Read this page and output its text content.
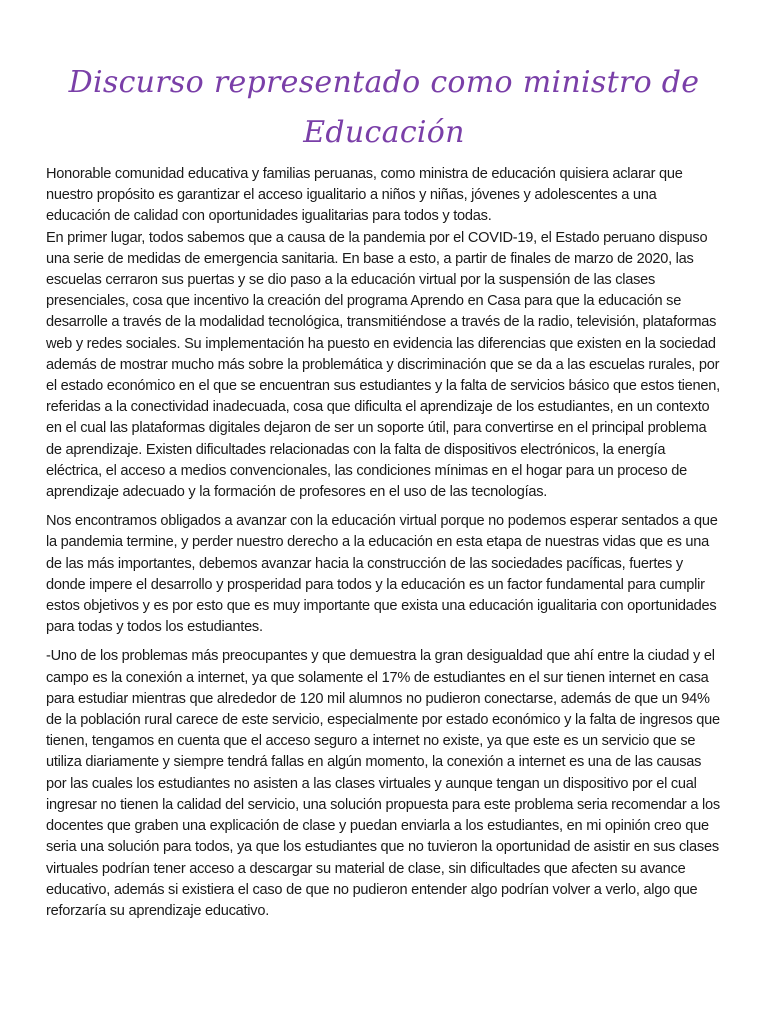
Discurso representado como ministro de
Educación

Honorable comunidad educativa y familias peruanas, como ministra de educación quisiera aclarar que nuestro propósito es garantizar el acceso igualitario a niños y niñas, jóvenes y adolescentes a una educación de calidad con oportunidades igualitarias para todos y todas.

En primer lugar, todos sabemos que a causa de la pandemia por el COVID-19, el Estado peruano dispuso una serie de medidas de emergencia sanitaria. En base a esto, a partir de finales de marzo de 2020, las escuelas cerraron sus puertas y se dio paso a la educación virtual por la suspensión de las clases presenciales, cosa que incentivo la creación del programa Aprendo en Casa para que la educación se desarrolle a través de la modalidad tecnológica, transmitiéndose a través de la radio, televisión, plataformas web y redes sociales. Su implementación ha puesto en evidencia las diferencias que existen en la sociedad además de mostrar mucho más sobre la problemática y discriminación que se da a las escuelas rurales, por el estado económico en el que se encuentran sus estudiantes y la falta de servicios básico que estos tienen, referidas a la conectividad inadecuada, cosa que dificulta el aprendizaje de los estudiantes, en un contexto en el cual las plataformas digitales dejaron de ser un soporte útil, para convertirse en el principal problema de aprendizaje. Existen dificultades relacionadas con la falta de dispositivos electrónicos, la energía eléctrica, el acceso a medios convencionales, las condiciones mínimas en el hogar para un proceso de aprendizaje adecuado y la formación de profesores en el uso de las tecnologías.

Nos encontramos obligados a avanzar con la educación virtual porque no podemos esperar sentados a que la pandemia termine, y perder nuestro derecho a la educación en esta etapa de nuestras vidas que es una de las más importantes, debemos avanzar hacia la construcción de las sociedades pacíficas, fuertes y donde impere el desarrollo y prosperidad para todos y la educación es un factor fundamental para cumplir estos objetivos y es por esto que es muy importante que exista una educación igualitaria con oportunidades para todas y todos los estudiantes.

-Uno de los problemas más preocupantes y que demuestra la gran desigualdad que ahí entre la ciudad y el campo es la conexión a internet, ya que solamente el 17% de estudiantes en el sur tienen internet en casa para estudiar mientras que alrededor de 120 mil alumnos no pudieron conectarse, además de que un 94% de la población rural carece de este servicio, especialmente por estado económico y la falta de ingresos que tienen, tengamos en cuenta que el acceso seguro a internet no existe, ya que este es un servicio que se utiliza diariamente y siempre tendrá fallas en algún momento, la conexión a internet es una de las causas por las cuales los estudiantes no asisten a las clases virtuales y aunque tengan un dispositivo por el cual ingresar no tienen la calidad del servicio, una solución propuesta para este problema seria recomendar a los docentes que graben una explicación de clase y puedan enviarla a los estudiantes, en mi opinión creo que seria una solución para todos, ya que los estudiantes que no tuvieron la oportunidad de asistir en sus clases virtuales podrían tener acceso a descargar su material de clase, sin dificultades que afecten su avance educativo, además si existiera el caso de que no pudieron entender algo podrían volver a verlo, algo que reforzaría su aprendizaje educativo.
